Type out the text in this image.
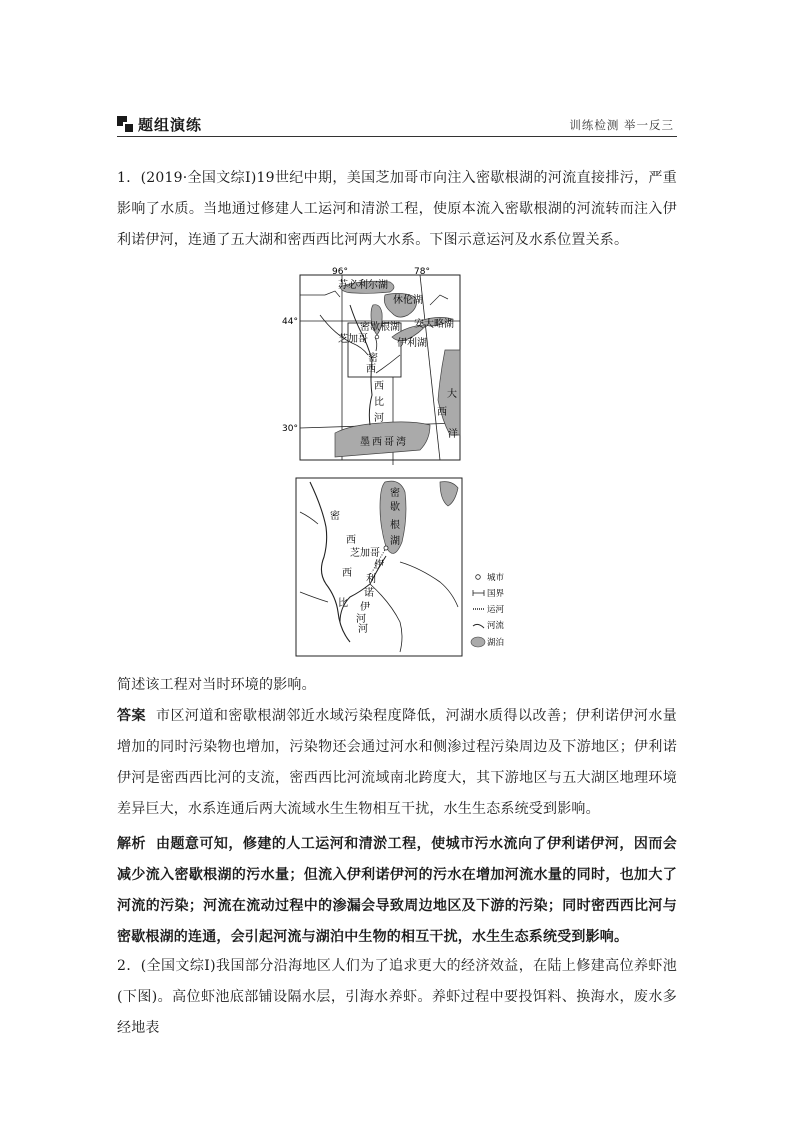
题组演练	训练检测 举一反三
1．(2019·全国文综Ⅰ)19世纪中期，美国芝加哥市向注入密歇根湖的河流直接排污，严重影响了水质。当地通过修建人工运河和清淤工程，使原本流入密歇根湖的河流转而注入伊利诺伊河，连通了五大湖和密西西比河两大水系。下图示意运河及水系位置关系。
96°	78°
44°
30°
苏必利尔湖
休伦湖
密歇根湖 安大略湖
芝加哥	伊利湖
密
西
西
比
河
大
西
洋
墨西哥湾
密
歇
根
湖
密
西
西
比
河
芝加哥
伊
利
诺
伊
河
城市
国界
运河
河流
湖泊
简述该工程对当时环境的影响。
答案 市区河道和密歇根湖邻近水域污染程度降低，河湖水质得以改善；伊利诺伊河水量增加的同时污染物也增加，污染物还会通过河水和侧渗过程污染周边及下游地区；伊利诺伊河是密西西比河的支流，密西西比河流域南北跨度大，其下游地区与五大湖区地理环境差异巨大，水系连通后两大流域水生生物相互干扰，水生生态系统受到影响。
解析 由题意可知，修建的人工运河和清淤工程，使城市污水流向了伊利诺伊河，因而会减少流入密歇根湖的污水量；但流入伊利诺伊河的污水在增加河流水量的同时，也加大了河流的污染；河流在流动过程中的渗漏会导致周边地区及下游的污染；同时密西西比河与密歇根湖的连通，会引起河流与湖泊中生物的相互干扰，水生生态系统受到影响。
2．(全国文综Ⅰ)我国部分沿海地区人们为了追求更大的经济效益，在陆上修建高位养虾池(下图)。高位虾池底部铺设隔水层，引海水养虾。养虾过程中要投饵料、换海水，废水多经地表
